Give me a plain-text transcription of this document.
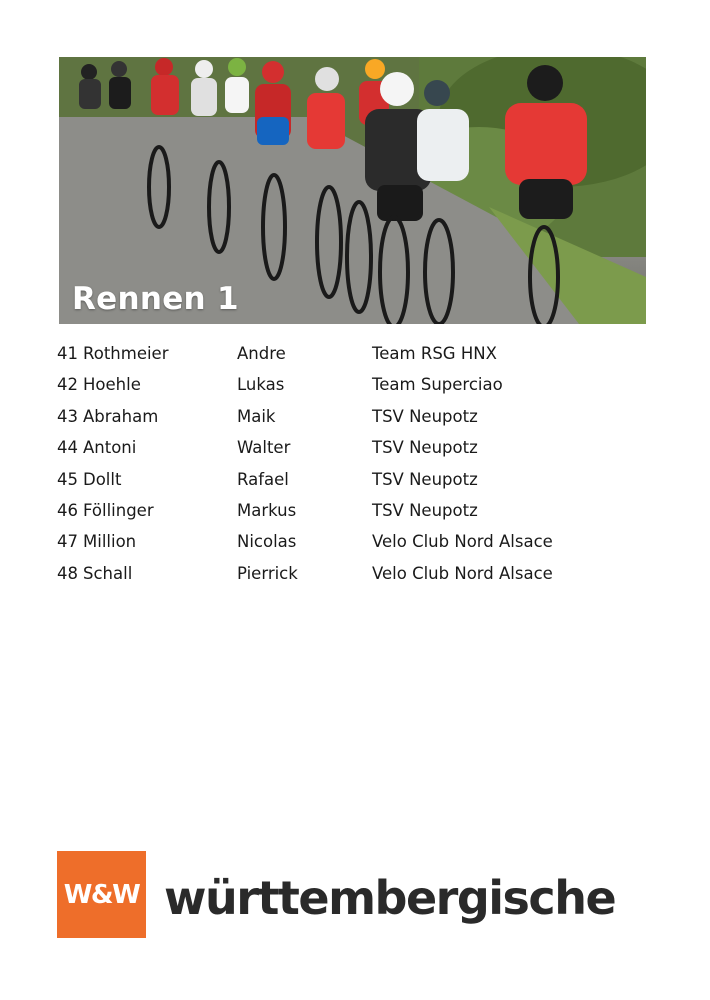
Rennen 1
41 Rothmeier	Andre	Team RSG HNX
42 Hoehle	Lukas	Team Superciao
43 Abraham	Maik	TSV Neupotz
44 Antoni	Walter	TSV Neupotz
45 Dollt	Rafael	TSV Neupotz
46 Föllinger	Markus	TSV Neupotz
47 Million	Nicolas	Velo Club Nord Alsace
48 Schall	Pierrick	Velo Club Nord Alsace
W&W württembergische
